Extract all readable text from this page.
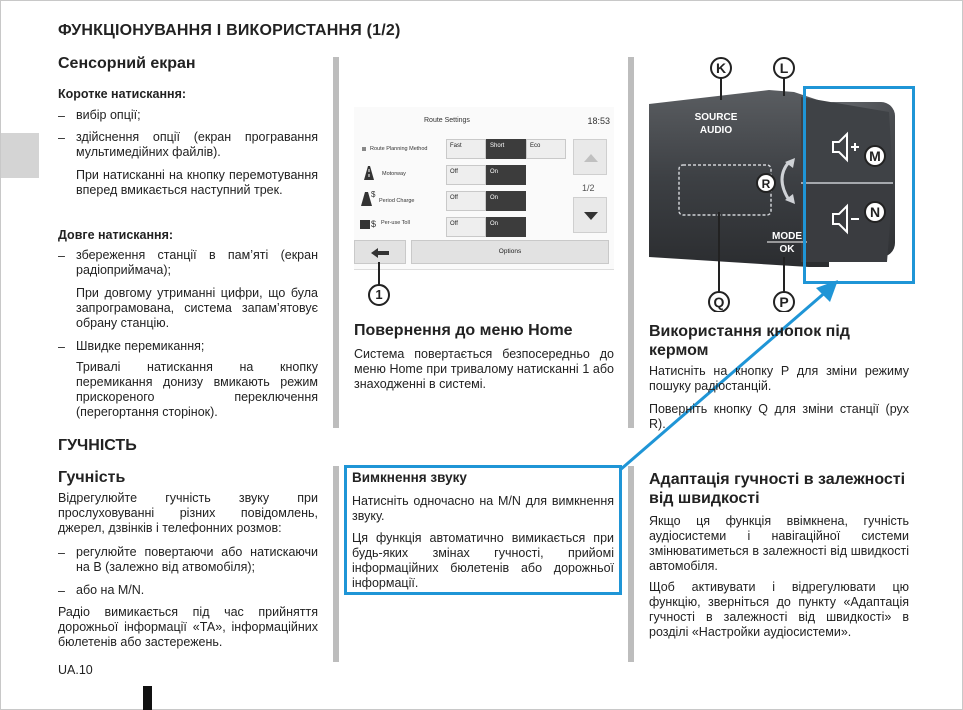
ФУНКЦІОНУВАННЯ І ВИКОРИСТАННЯ (1/2)
Сенсорний екран
Коротке натискання:
– вибір опції;
– здійснення опції (екран програвання мультимедійних файлів).
При натисканні на кнопку перемотування вперед вмикається наступний трек.
Довге натискання:
– збереження станції в пам’яті (екран радіоприймача);
При довгому утриманні цифри, що була запрограмована, система запам’ятовує обрану станцію.
– Швидке перемикання;
Тривалі натискання на кнопку перемикання донизу вмикають режим прискореного переключення (перегортання сторінок).
ГУЧНІСТЬ
Гучність
Відрегулюйте гучність звуку при прослуховуванні різних повідомлень, джерел, дзвінків і телефонних розмов:
– регулюйте повертаючи або натискаючи на B (залежно від атвомобіля);
– або на M/N.
Радіо вимикається під час прийняття дорожньої інформації «ТА», інформаційних бюлетенів або застережень.
UA.10
Route Settings	18:53
Route Planning Method	Fast	Short	Eco
Motorway	Off	On
$
Period Charge	Off	On
$ Per-use Toll	Off	On
1/2
Options
1
Повернення до меню Home
Система повертається безпосередньо до меню Home при тривалому натисканні 1 або знаходженні в системі.
Вимкнення звуку
Натисніть одночасно на M/N для вимкнення звуку.
Ця функція автоматично вимикається при будь-яких змінах гучності, прийомі інформаційних бюлетенів або дорожньої інформації.
SOURCE
AUDIO
MODE
OK
K	L
M
N
R
Q	P
Використання кнопок під кермом
Натисніть на кнопку P для зміни режиму пошуку радіостанцій.
Поверніть кнопку Q для зміни станції (рух R).
Адаптація гучності в залежності від швидкості
Якщо ця функція ввімкнена, гучність аудіосистеми і навігаційної системи змінюватиметься в залежності від швидкості автомобіля.
Щоб активувати і відрегулювати цю функцію, зверніться до пункту «Адаптація гучності в залежності від швидкості» в розділі «Настройки аудіосистеми».
